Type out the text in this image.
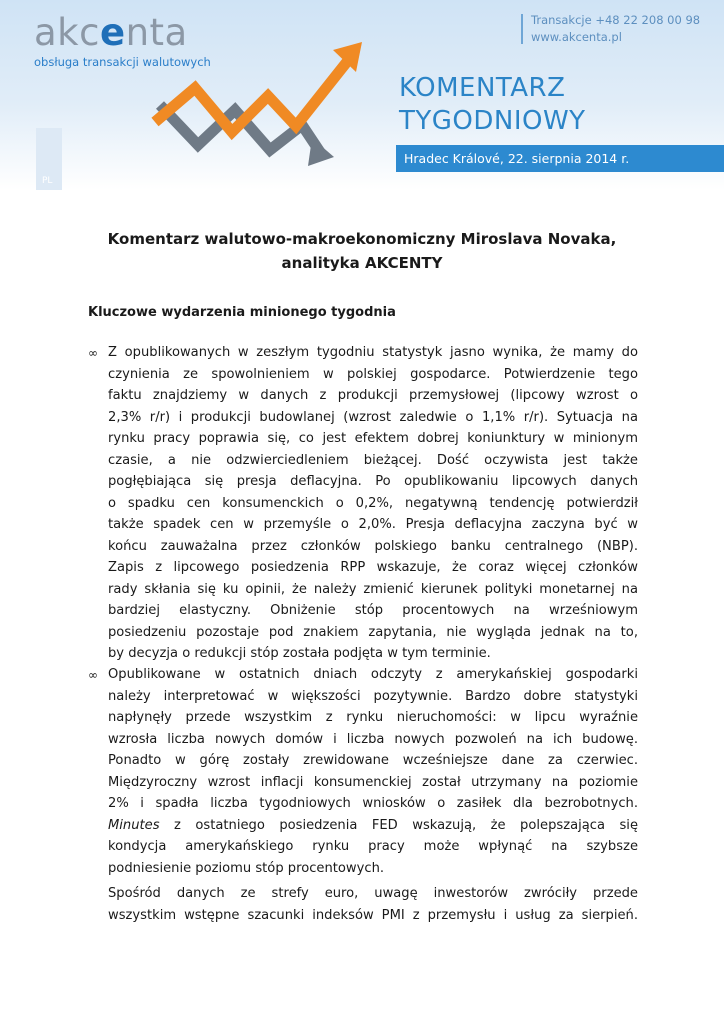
akcenta
obsługa transakcji walutowych
Transakcje +48 22 208 00 98
www.akcenta.pl
KOMENTARZ
TYGODNIOWY
Hradec Králové, 22. sierpnia 2014 r.
PL
Komentarz walutowo-makroekonomiczny Miroslava Novaka,
analityka AKCENTY
Kluczowe wydarzenia minionego tygodnia
∞ Z opublikowanych w zeszłym tygodniu statystyk jasno wynika, że mamy do
czynienia ze spowolnieniem w polskiej gospodarce. Potwierdzenie tego
faktu znajdziemy w danych z produkcji przemysłowej (lipcowy wzrost o
2,3% r/r) i produkcji budowlanej (wzrost zaledwie o 1,1% r/r). Sytuacja na
rynku pracy poprawia się, co jest efektem dobrej koniunktury w minionym
czasie, a nie odzwierciedleniem bieżącej. Dość oczywista jest także
pogłębiająca się presja deflacyjna. Po opublikowaniu lipcowych danych
o spadku cen konsumenckich o 0,2%, negatywną tendencję potwierdził
także spadek cen w przemyśle o 2,0%. Presja deflacyjna zaczyna być w
końcu zauważalna przez członków polskiego banku centralnego (NBP).
Zapis z lipcowego posiedzenia RPP wskazuje, że coraz więcej członków
rady skłania się ku opinii, że należy zmienić kierunek polityki monetarnej na
bardziej elastyczny. Obniżenie stóp procentowych na wrześniowym
posiedzeniu pozostaje pod znakiem zapytania, nie wygląda jednak na to,
by decyzja o redukcji stóp została podjęta w tym terminie.
∞ Opublikowane w ostatnich dniach odczyty z amerykańskiej gospodarki
należy interpretować w większości pozytywnie. Bardzo dobre statystyki
napłynęły przede wszystkim z rynku nieruchomości: w lipcu wyraźnie
wzrosła liczba nowych domów i liczba nowych pozwoleń na ich budowę.
Ponadto w górę zostały zrewidowane wcześniejsze dane za czerwiec.
Międzyroczny wzrost inflacji konsumenckiej został utrzymany na poziomie
2% i spadła liczba tygodniowych wniosków o zasiłek dla bezrobotnych.
Minutes z ostatniego posiedzenia FED wskazują, że polepszająca się
kondycja amerykańskiego rynku pracy może wpłynąć na szybsze
podniesienie poziomu stóp procentowych.
Spośród danych ze strefy euro, uwagę inwestorów zwróciły przede
wszystkim wstępne szacunki indeksów PMI z przemysłu i usług za sierpień.
